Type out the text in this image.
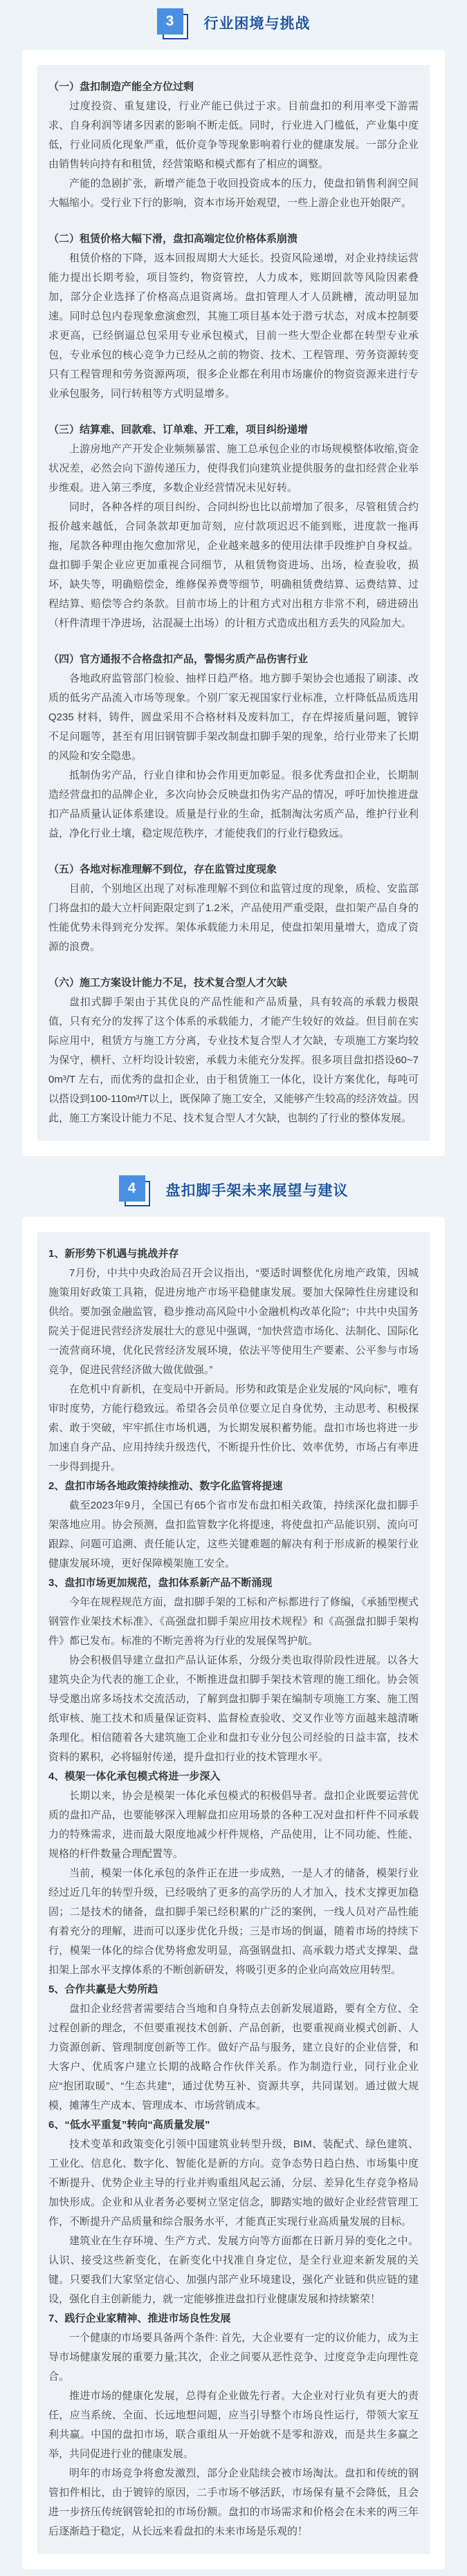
3	行业困境与挑战
（一）盘扣制造产能全方位过剩

过度投资、重复建设，行业产能已供过于求。目前盘扣的利用率受下游需求、自身利润等诸多因素的影响不断走低。同时，行业进入门槛低，产业集中度低，行业同质化现象严重，低价竞争等现象影响着行业的健康发展。一部分企业由销售转向持有和租赁，经营策略和模式都有了相应的调整。

产能的急剧扩张，新增产能急于收回投资成本的压力，使盘扣销售利润空间大幅缩小。受行业下行的影响，资本市场开始观望，一些上游企业也开始限产。

（二）租赁价格大幅下滑，盘扣高端定位价格体系崩溃

租赁价格的下降，返本回报周期大大延长。投资风险递增，对企业持续运营能力提出长期考验，项目签约，物资管控，人力成本，账期回款等风险因素叠加，部分企业选择了价格高点退资离场。盘扣管理人才人员跳槽，流动明显加速。同时总包内卷现象愈演愈烈，其施工项目基本处于潜亏状态，对成本控制要求更高，已经倒逼总包采用专业承包模式，目前一些大型企业都在转型专业承包，专业承包的核心竞争力已经从之前的物资、技术、工程管理、劳务资源转变只有工程管理和劳务资源两项，很多企业都在利用市场廉价的物资资源来进行专业承包服务，同行转租等方式明显增多。

（三）结算难、回款难、订单难、开工难，项目纠纷递增

上游房地产产开发企业频频暴雷、施工总承包企业的市场规模整体收缩,资金状况差，必然会向下游传递压力，使得我们向建筑业提供服务的盘扣经营企业举步维艰。进入第三季度，多数企业经营情况未见好转。

同时，各种各样的项目纠纷、合同纠纷也比以前增加了很多，尽管租赁合约报价越来越低，合同条款却更加苛刻，应付款项迟迟不能到账，进度款一拖再拖，尾款各种理由拖欠愈加常见，企业越来越多的使用法律手段维护自身权益。盘扣脚手架企业应更加重视合同细节，从租赁物资进场、出场，检查验收，损坏，缺失等，明确赔偿金，维修保养费等细节，明确租赁费结算、运费结算、过程结算、赔偿等合约条款。目前市场上的计租方式对出租方非常不利，磅进磅出（杆件清理干净进场，沾混凝土出场）的计租方式造成出租方丢失的风险加大。

（四）官方通报不合格盘扣产品，警惕劣质产品伤害行业

各地政府监管部门检验、抽样日趋严格。地方脚手架协会也通报了刷漆、改质的低劣产品流入市场等现象。个别厂家无视国家行业标准，立杆降低品质选用 Q235 材料，铸件，圆盘采用不合格材料及废料加工，存在焊接质量问题，镀锌不足问题等，甚至有用旧钢管脚手架改制盘扣脚手架的现象，给行业带来了长期的风险和安全隐患。

抵制伪劣产品，行业自律和协会作用更加彰显。很多优秀盘扣企业，长期制造经营盘扣的品牌企业，多次向协会反映盘扣伪劣产品的情况，呼吁加快推进盘扣产品质量认证体系建设。质量是行业的生命，抵制淘汰劣质产品，维护行业利益，净化行业土壤，稳定规范秩序，才能使我们的行业行稳致远。

（五）各地对标准理解不到位，存在监管过度现象

目前，个别地区出现了对标准理解不到位和监管过度的现象，质检、安监部门将盘扣的最大立杆间距限定到了1.2米，产品使用严重受限，盘扣架产品自身的性能优势未得到充分发挥。架体承载能力未用足，使盘扣架用量增大，造成了资源的浪费。

（六）施工方案设计能力不足，技术复合型人才欠缺

盘扣式脚手架由于其优良的产品性能和产品质量，具有较高的承载力极限值，只有充分的发挥了这个体系的承载能力，才能产生较好的效益。但目前在实际应用中，租赁方与施工方分离，专业技术复合型人才欠缺，专项施工方案均较为保守，横杆、立杆均设计较密，承载力未能充分发挥。很多项目盘扣搭设60~70m³/T 左右，而优秀的盘扣企业，由于租赁施工一体化，设计方案优化，每吨可以搭设到100-110m³/T以上，既保障了施工安全，又能够产生较高的经济效益。因此，施工方案设计能力不足、技术复合型人才欠缺，也制约了行业的整体发展。

4	盘扣脚手架未来展望与建议
1、新形势下机遇与挑战并存

7月份，中共中央政治局召开会议指出，“要适时调整优化房地产政策，因城施策用好政策工具箱，促进房地产市场平稳健康发展。要加大保障性住房建设和供给。要加强金融监管，稳步推动高风险中小金融机构改革化险”；中共中央国务院关于促进民营经济发展壮大的意见中强调，“加快营造市场化、法制化、国际化一流营商环境，优化民营经济发展环境，依法平等使用生产要素、公平参与市场竞争，促进民营经济做大做优做强。”

在危机中育新机，在变局中开新局。形势和政策是企业发展的“风向标”，唯有审时度势，方能行稳致远。希望各会员单位要立足自身优势，主动思考、积极探索、敢于突破，牢牢抓住市场机遇，为长期发展积蓄势能。盘扣市场也将进一步加速自身产品、应用持续升级迭代，不断提升性价比、效率优势，市场占有率进一步得到提升。

2、盘扣市场各地政策持续推动、数字化监管将提速

截至2023年9月，全国已有65个省市发布盘扣相关政策，持续深化盘扣脚手架落地应用。协会预测，盘扣监管数字化将提速，将使盘扣产品能识别、流向可跟踪、问题可追溯、责任能认定，这些关键难题的解决有利于形成新的模架行业健康发展环境，更好保障模架施工安全。

3、盘扣市场更加规范，盘扣体系新产品不断涌现

今年在规程规范方面，盘扣脚手架的工标和产标都进行了修编，《承插型楔式钢管作业架技术标准》、《高强盘扣脚手架应用技术规程》和《高强盘扣脚手架构件》都已发布。标准的不断完善将为行业的发展保驾护航。

协会积极倡导建立盘扣产品认证体系，分级分类也取得阶段性进展。以各大建筑央企为代表的施工企业，不断推进盘扣脚手架技术管理的施工细化。协会领导受邀出席多场技术交流活动，了解到盘扣脚手架在编制专项施工方案、施工图纸审核、施工技术和质量保证资料、监督检查验收、交叉作业等方面越来越清晰条理化。相信随着各大建筑施工企业和盘扣专业分包公司经验的日益丰富，技术资料的累积，必将辐射传递，提升盘扣行业的技术管理水平。

4、模架一体化承包模式将进一步深入

长期以来，协会是模架一体化承包模式的积极倡导者。盘扣企业既要运营优质的盘扣产品，也要能够深入理解盘扣应用场景的各种工况对盘扣杆件不同承载力的特殊需求，进而最大限度地减少杆件规格，产品使用，让不同功能、性能、规格的杆件数量合理配置等。

当前，模架一体化承包的条件正在进一步成熟，一是人才的储备，模架行业经过近几年的转型升级，已经吸纳了更多的高学历的人才加入，技术支撑更加稳固；二是技术的储备，盘扣脚手架已经积累的广泛的案例，一线人员对产品性能有着充分的理解，进而可以逐步优化升级；三是市场的倒逼，随着市场的持续下行，模架一体化的综合优势将愈发明显，高强钢盘扣、高承载力塔式支撑架、盘扣架上部水平支撑体系的不断创新研发，将吸引更多的企业向高效应用转型。

5、合作共赢是大势所趋

盘扣企业经营者需要结合当地和自身特点去创新发展道路，要有全方位、全过程创新的理念，不但要重视技术创新、产品创新，也要重视商业模式创新、人力资源创新、管理制度创新等工作。做好产品与服务，建立良好的企业信誉，和大客户、优质客户建立长期的战略合作伙伴关系。作为制造行业，同行业企业应“抱团取暖”、“生态共建”，通过优势互补、资源共享，共同谋划。通过做大规模，摊薄生产成本、管理成本、市场营销成本。

6、“低水平重复”转向“高质量发展”

技术变革和政策变化引领中国建筑业转型升级，BIM、装配式、绿色建筑、工业化、信息化、数字化、智能化是新的方向。竞争态势日趋白热、市场集中度不断提升、优势企业主导的行业并购重组风起云涌，分层、差异化生存竞争格局加快形成。企业和从业者务必要树立坚定信念，脚踏实地的做好企业经营管理工作，不断提升产品质量和综合服务水平，才能真正实现行业高质量发展的目标。

建筑业在生存环境、生产方式、发展方向等方面都在日新月异的变化之中。认识、接受这些新变化，在新变化中找准自身定位，是全行业迎来新发展的关键。只要我们大家坚定信心、加强内部产业环境建设，强化产业链和供应链的建设，强化自主创新能力，就一定能够推进盘扣行业健康发展和持续繁荣！

7、践行企业家精神、推进市场良性发展

一个健康的市场要具备两个条件: 首先，大企业要有一定的议价能力，成为主导市场健康发展的重要力量;其次，企业之间要从恶性竞争、过度竞争走向理性竞合。

推进市场的健康化发展，总得有企业做先行者。大企业对行业负有更大的责任，应当系统、全面、长远地想问题，应当引导整个市场良性运行，带领大家互利共赢。中国的盘扣市场，联合重组从一开始就不是零和游戏，而是共生多赢之举，共同促进行业的健康发展。

明年的市场竞争将愈发激烈，部分企业陆续会被市场淘汰。盘扣和传统的钢管扣件相比，由于镀锌的原因，二手市场不够活跃，市场保有量不会降低，且会进一步挤压传统钢管轮扣的市场份额。盘扣的市场需求和价格会在未来的两三年后逐渐趋于稳定，从长远来看盘扣的未来市场是乐观的！
